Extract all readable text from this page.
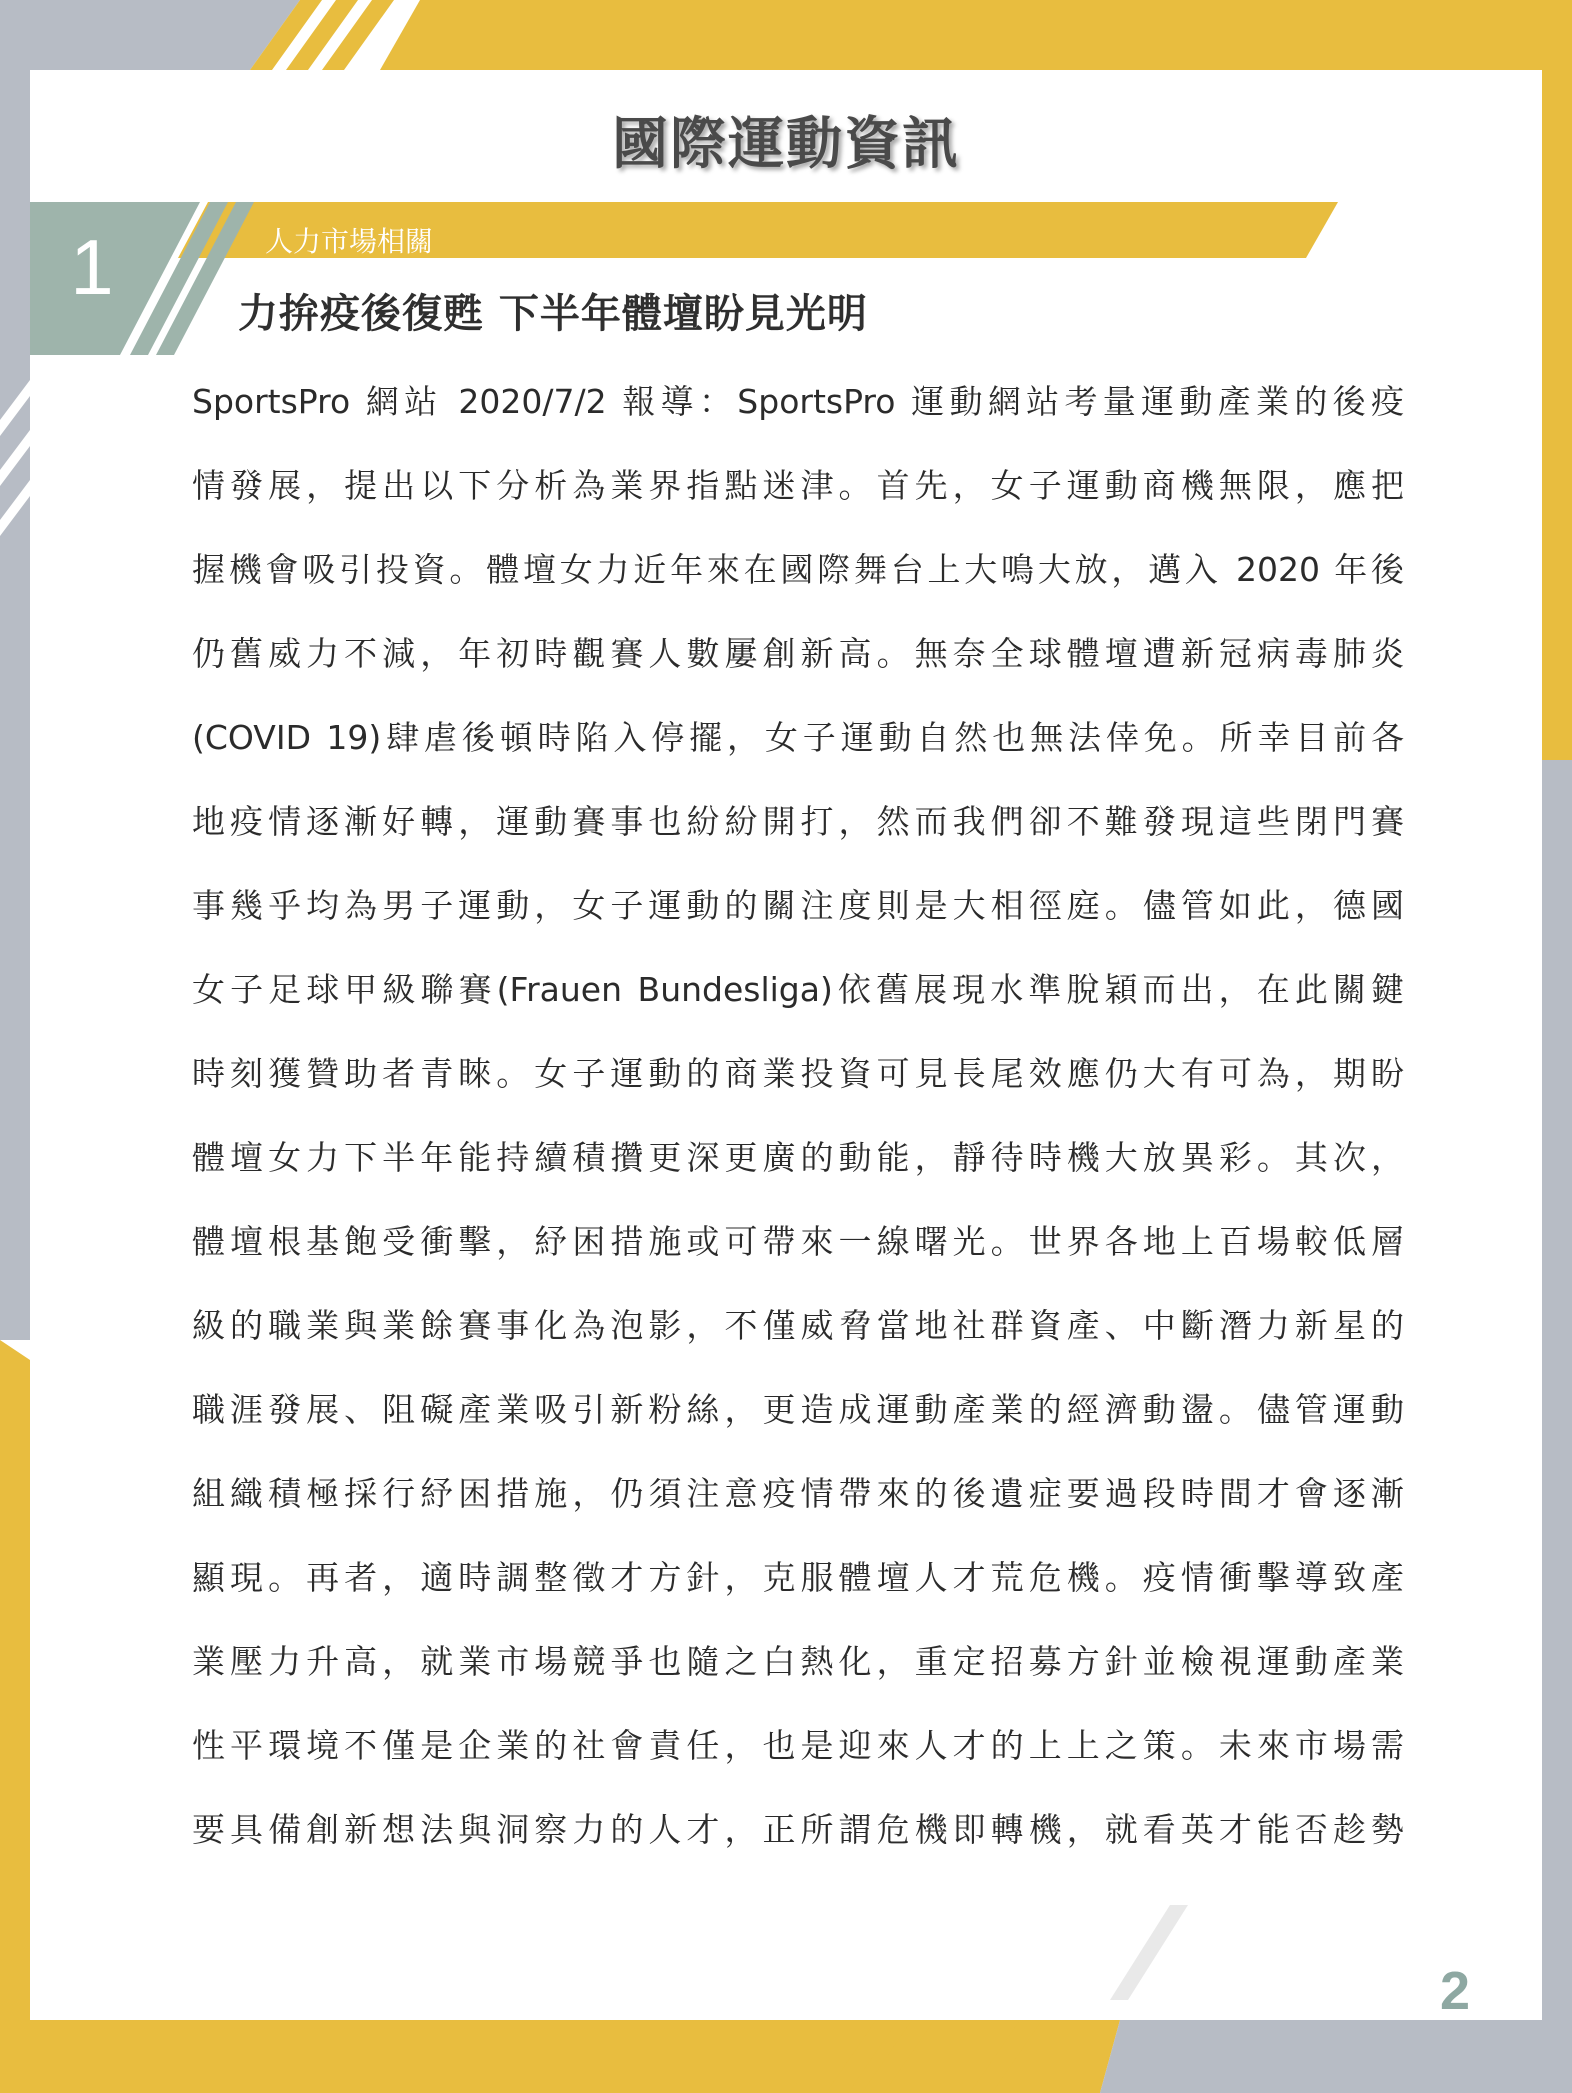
國際運動資訊
1	人力市場相關
力拚疫後復甦 下半年體壇盼見光明
SportsPro 網站 2020/7/2 報導：SportsPro 運動網站考量運動產業的後疫
情發展，提出以下分析為業界指點迷津。首先，女子運動商機無限，應把
握機會吸引投資。體壇女力近年來在國際舞台上大鳴大放，邁入 2020 年後
仍舊威力不減，年初時觀賽人數屢創新高。無奈全球體壇遭新冠病毒肺炎
(COVID 19)肆虐後頓時陷入停擺，女子運動自然也無法倖免。所幸目前各
地疫情逐漸好轉，運動賽事也紛紛開打，然而我們卻不難發現這些閉門賽
事幾乎均為男子運動，女子運動的關注度則是大相徑庭。儘管如此，德國
女子足球甲級聯賽(Frauen Bundesliga)依舊展現水準脫穎而出，在此關鍵
時刻獲贊助者青睞。女子運動的商業投資可見長尾效應仍大有可為，期盼
體壇女力下半年能持續積攢更深更廣的動能，靜待時機大放異彩。其次，
體壇根基飽受衝擊，紓困措施或可帶來一線曙光。世界各地上百場較低層
級的職業與業餘賽事化為泡影，不僅威脅當地社群資產、中斷潛力新星的
職涯發展、阻礙產業吸引新粉絲，更造成運動產業的經濟動盪。儘管運動
組織積極採行紓困措施，仍須注意疫情帶來的後遺症要過段時間才會逐漸
顯現。再者，適時調整徵才方針，克服體壇人才荒危機。疫情衝擊導致產
業壓力升高，就業市場競爭也隨之白熱化，重定招募方針並檢視運動產業
性平環境不僅是企業的社會責任，也是迎來人才的上上之策。未來市場需
要具備創新想法與洞察力的人才，正所謂危機即轉機，就看英才能否趁勢
2
